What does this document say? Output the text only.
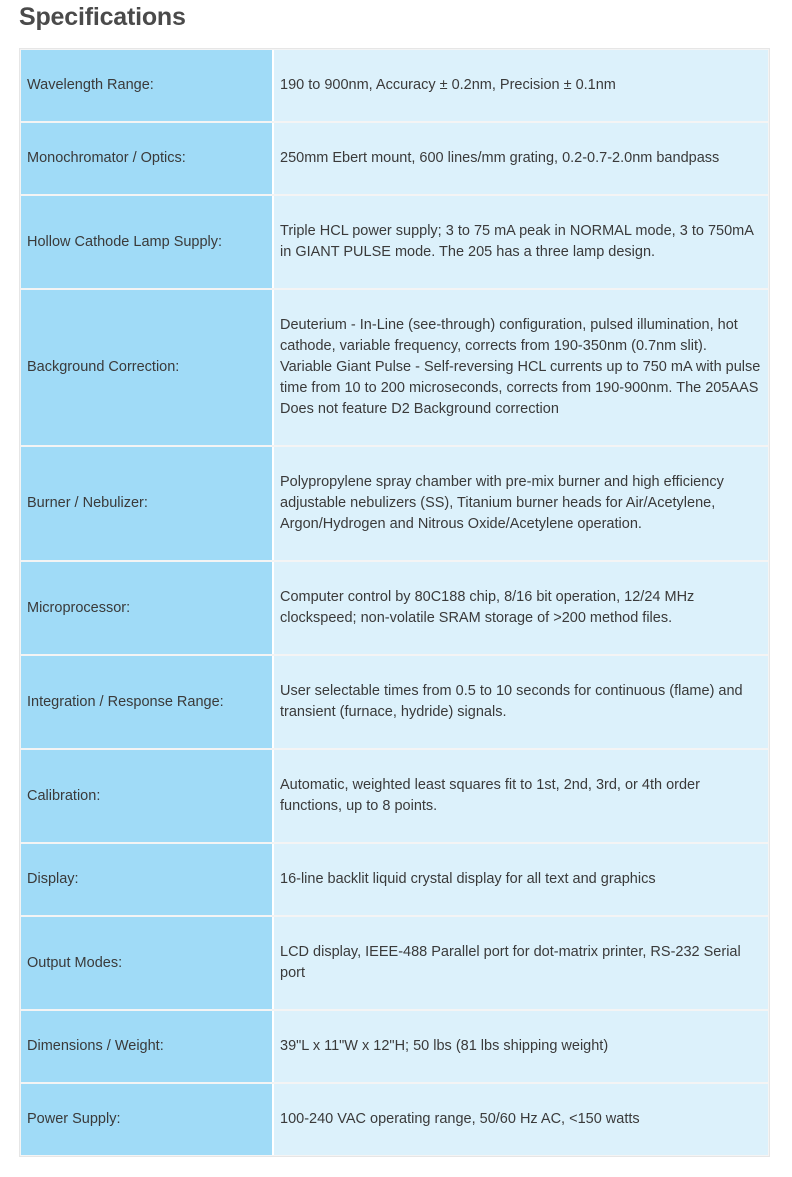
Specifications
Wavelength Range:	190 to 900nm, Accuracy ± 0.2nm, Precision ± 0.1nm
Monochromator / Optics:	250mm Ebert mount, 600 lines/mm grating, 0.2-0.7-2.0nm bandpass
Hollow Cathode Lamp Supply:	Triple HCL power supply; 3 to 75 mA peak in NORMAL mode, 3 to 750mA in GIANT PULSE mode. The 205 has a three lamp design.
Background Correction:	Deuterium - In-Line (see-through) configuration, pulsed illumination, hot cathode, variable frequency, corrects from 190-350nm (0.7nm slit). Variable Giant Pulse - Self-reversing HCL currents up to 750 mA with pulse time from 10 to 200 microseconds, corrects from 190-900nm. The 205AAS Does not feature D2 Background correction
Burner / Nebulizer:	Polypropylene spray chamber with pre-mix burner and high efficiency adjustable nebulizers (SS), Titanium burner heads for Air/Acetylene, Argon/Hydrogen and Nitrous Oxide/Acetylene operation.
Microprocessor:	Computer control by 80C188 chip, 8/16 bit operation, 12/24 MHz clockspeed; non-volatile SRAM storage of >200 method files.
Integration / Response Range:	User selectable times from 0.5 to 10 seconds for continuous (flame) and transient (furnace, hydride) signals.
Calibration:	Automatic, weighted least squares fit to 1st, 2nd, 3rd, or 4th order functions, up to 8 points.
Display:	16-line backlit liquid crystal display for all text and graphics
Output Modes:	LCD display, IEEE-488 Parallel port for dot-matrix printer, RS-232 Serial port
Dimensions / Weight:	39"L x 11"W x 12"H; 50 lbs (81 lbs shipping weight)
Power Supply:	100-240 VAC operating range, 50/60 Hz AC, <150 watts
